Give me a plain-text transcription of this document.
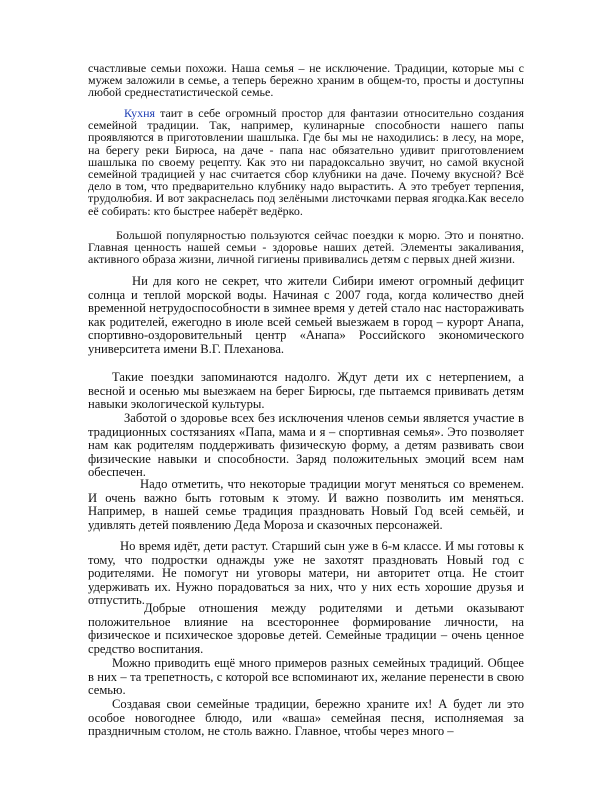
счастливые семьи похожи. Наша семья – не исключение. Традиции, которые мы с мужем заложили в семье, а теперь бережно храним в общем-то, просты и доступны любой среднестатистической семье.

Кухня таит в себе огромный простор для фантазии относительно создания семейной традиции. Так, например, кулинарные способности нашего папы проявляются в приготовлении шашлыка. Где бы мы не находились: в лесу, на море, на берегу реки Бирюса, на даче - папа нас обязательно удивит приготовлением шашлыка по своему рецепту. Как это ни парадоксально звучит, но самой вкусной семейной традицией у нас считается сбор клубники на даче. Почему вкусной? Всё дело в том, что предварительно клубнику надо вырастить. А это требует терпения, трудолюбия. И вот закраснелась под зелёными листочками первая ягодка.Как весело её собирать: кто быстрее наберёт ведёрко.

Большой популярностью пользуются сейчас поездки к морю. Это и понятно. Главная ценность нашей семьи - здоровье наших детей. Элементы закаливания, активного образа жизни, личной гигиены прививались детям с первых дней жизни.

Ни для кого не секрет, что жители Сибири имеют огромный дефицит солнца и теплой морской воды. Начиная с 2007 года, когда количество дней временной нетрудоспособности в зимнее время у детей стало нас настораживать как родителей, ежегодно в июле всей семьей выезжаем в город – курорт Анапа, спортивно-оздоровительный центр «Анапа» Российского экономического университета имени В.Г. Плеханова.

Такие поездки запоминаются надолго. Ждут дети их с нетерпением, а весной и осенью мы выезжаем на берег Бирюсы, где пытаемся прививать детям навыки экологической культуры.

Заботой о здоровье всех без исключения членов семьи является участие в традиционных состязаниях «Папа, мама и я – спортивная семья». Это позволяет нам как родителям поддерживать физическую форму, а детям развивать свои физические навыки и способности. Заряд положительных эмоций всем нам обеспечен.

Надо отметить, что некоторые традиции могут меняться со временем. И очень важно быть готовым к этому. И важно позволить им меняться. Например, в нашей семье традиция праздновать Новый Год всей семьёй, и удивлять детей появлению Деда Мороза и сказочных персонажей.

Но время идёт, дети растут. Старший сын уже в 6-м классе. И мы готовы к тому, что подростки однажды уже не захотят праздновать Новый год с родителями. Не помогут ни уговоры матери, ни авторитет отца. Не стоит удерживать их. Нужно порадоваться за них, что у них есть хорошие друзья и отпустить.

Добрые отношения между родителями и детьми оказывают положительное влияние на всестороннее формирование личности, на физическое и психическое здоровье детей. Семейные традиции – очень ценное средство воспитания.

Можно приводить ещё много примеров разных семейных традиций. Общее в них – та трепетность, с которой все вспоминают их, желание перенести в свою семью.

Создавая свои семейные традиции, бережно храните их! А будет ли это особое новогоднее блюдо, или «ваша» семейная песня, исполняемая за праздничным столом, не столь важно. Главное, чтобы через много –
